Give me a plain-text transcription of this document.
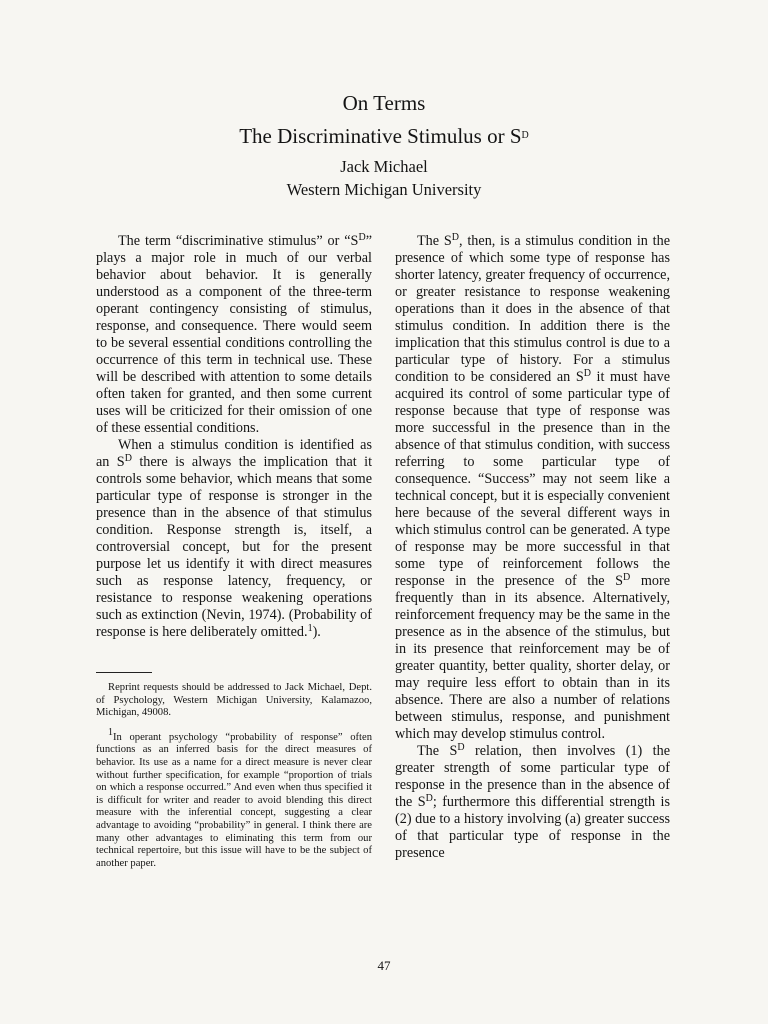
On Terms
The Discriminative Stimulus or $S^D$
Jack Michael
Western Michigan University

The term “discriminative stimulus” or “$S^D$” plays a major role in much of our verbal behavior about behavior. It is generally understood as a component of the three-term operant contingency consisting of stimulus, response, and consequence. There would seem to be several essential conditions controlling the occurrence of this term in technical use. These will be described with attention to some details often taken for granted, and then some current uses will be criticized for their omission of one of these essential conditions.

When a stimulus condition is identified as an $S^D$ there is always the implication that it controls some behavior, which means that some particular type of response is stronger in the presence than in the absence of that stimulus condition. Response strength is, itself, a controversial concept, but for the present purpose let us identify it with direct measures such as response latency, frequency, or resistance to response weakening operations such as extinction (Nevin, 1974). (Probability of response is here deliberately omitted.$^1$).

Reprint requests should be addressed to Jack Michael, Dept. of Psychology, Western Michigan University, Kalamazoo, Michigan, 49008.

$^1$In operant psychology “probability of response” often functions as an inferred basis for the direct measures of behavior. Its use as a name for a direct measure is never clear without further specification, for example “proportion of trials on which a response occurred.” And even when thus specified it is difficult for writer and reader to avoid blending this direct measure with the inferential concept, suggesting a clear advantage to avoiding “probability” in general. I think there are many other advantages to eliminating this term from our technical repertoire, but this issue will have to be the subject of another paper.

The $S^D$, then, is a stimulus condition in the presence of which some type of response has shorter latency, greater frequency of occurrence, or greater resistance to response weakening operations than it does in the absence of that stimulus condition. In addition there is the implication that this stimulus control is due to a particular type of history. For a stimulus condition to be considered an $S^D$ it must have acquired its control of some particular type of response because that type of response was more successful in the presence than in the absence of that stimulus condition, with success referring to some particular type of consequence. “Success” may not seem like a technical concept, but it is especially convenient here because of the several different ways in which stimulus control can be generated. A type of response may be more successful in that some type of reinforcement follows the response in the presence of the $S^D$ more frequently than in its absence. Alternatively, reinforcement frequency may be the same in the presence as in the absence of the stimulus, but in its presence that reinforcement may be of greater quantity, better quality, shorter delay, or may require less effort to obtain than in its absence. There are also a number of relations between stimulus, response, and punishment which may develop stimulus control.

The $S^D$ relation, then involves (1) the greater strength of some particular type of response in the presence than in the absence of the $S^D$; furthermore this differential strength is (2) due to a history involving (a) greater success of that particular type of response in the presence

47
